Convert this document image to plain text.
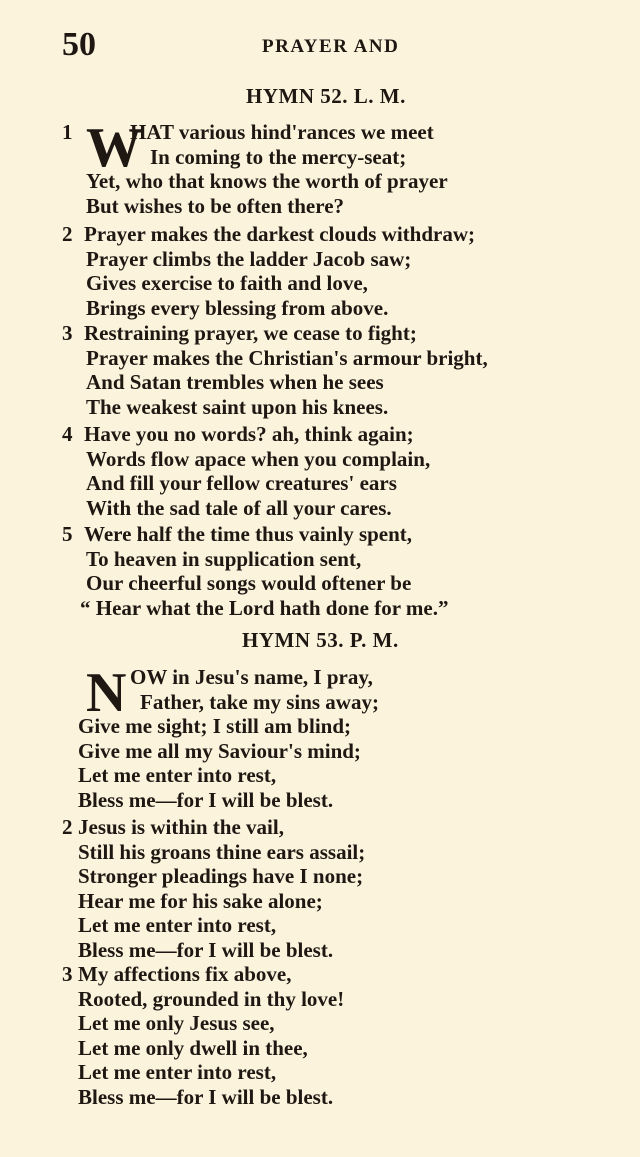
50	PRAYER AND
HYMN 52. L. M.
W
1	HAT various hind'rances we meet
In coming to the mercy-seat;
Yet, who that knows the worth of prayer
But wishes to be often there?
2 Prayer makes the darkest clouds withdraw;
Prayer climbs the ladder Jacob saw;
Gives exercise to faith and love,
Brings every blessing from above.
3 Restraining prayer, we cease to fight;
Prayer makes the Christian's armour bright,
And Satan trembles when he sees
The weakest saint upon his knees.
4 Have you no words? ah, think again;
Words flow apace when you complain,
And fill your fellow creatures' ears
With the sad tale of all your cares.
5 Were half the time thus vainly spent,
To heaven in supplication sent,
Our cheerful songs would oftener be
“ Hear what the Lord hath done for me.”
HYMN 53. P. M.
N OW in Jesu's name, I pray,
Father, take my sins away;
Give me sight; I still am blind;
Give me all my Saviour's mind;
Let me enter into rest,
Bless me—for I will be blest.
2 Jesus is within the vail,
Still his groans thine ears assail;
Stronger pleadings have I none;
Hear me for his sake alone;
Let me enter into rest,
Bless me—for I will be blest.
3 My affections fix above,
Rooted, grounded in thy love!
Let me only Jesus see,
Let me only dwell in thee,
Let me enter into rest,
Bless me—for I will be blest.
